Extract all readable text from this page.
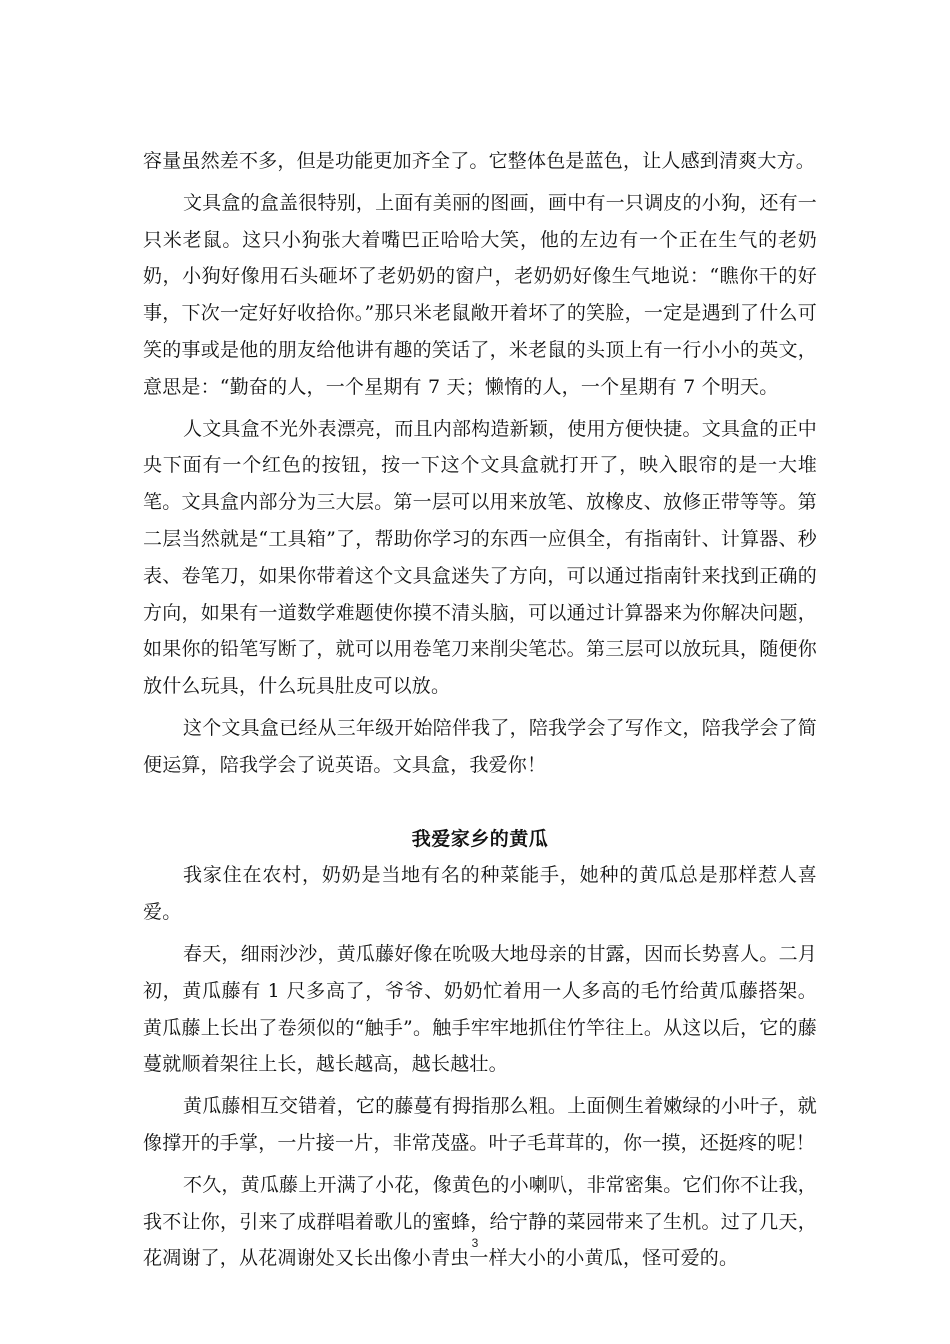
容量虽然差不多，但是功能更加齐全了。它整体色是蓝色，让人感到清爽大方。

文具盒的盒盖很特别，上面有美丽的图画，画中有一只调皮的小狗，还有一只米老鼠。这只小狗张大着嘴巴正哈哈大笑，他的左边有一个正在生气的老奶奶，小狗好像用石头砸坏了老奶奶的窗户，老奶奶好像生气地说：“瞧你干的好事，下次一定好好收拾你。”那只米老鼠敞开着坏了的笑脸，一定是遇到了什么可笑的事或是他的朋友给他讲有趣的笑话了，米老鼠的头顶上有一行小小的英文，意思是：“勤奋的人，一个星期有 7 天；懒惰的人，一个星期有 7 个明天。

人文具盒不光外表漂亮，而且内部构造新颖，使用方便快捷。文具盒的正中央下面有一个红色的按钮，按一下这个文具盒就打开了，映入眼帘的是一大堆笔。文具盒内部分为三大层。第一层可以用来放笔、放橡皮、放修正带等等。第二层当然就是“工具箱”了，帮助你学习的东西一应俱全，有指南针、计算器、秒表、卷笔刀，如果你带着这个文具盒迷失了方向，可以通过指南针来找到正确的方向，如果有一道数学难题使你摸不清头脑，可以通过计算器来为你解决问题，如果你的铅笔写断了，就可以用卷笔刀来削尖笔芯。第三层可以放玩具，随便你放什么玩具，什么玩具肚皮可以放。

这个文具盒已经从三年级开始陪伴我了，陪我学会了写作文，陪我学会了简便运算，陪我学会了说英语。文具盒，我爱你！

我爱家乡的黄瓜

我家住在农村，奶奶是当地有名的种菜能手，她种的黄瓜总是那样惹人喜爱。

春天，细雨沙沙，黄瓜藤好像在吮吸大地母亲的甘露，因而长势喜人。二月初，黄瓜藤有 1 尺多高了，爷爷、奶奶忙着用一人多高的毛竹给黄瓜藤搭架。黄瓜藤上长出了卷须似的“触手”。触手牢牢地抓住竹竿往上。从这以后，它的藤蔓就顺着架往上长，越长越高，越长越壮。

黄瓜藤相互交错着，它的藤蔓有拇指那么粗。上面侧生着嫩绿的小叶子，就像撑开的手掌，一片接一片，非常茂盛。叶子毛茸茸的，你一摸，还挺疼的呢！

不久，黄瓜藤上开满了小花，像黄色的小喇叭，非常密集。它们你不让我，我不让你，引来了成群唱着歌儿的蜜蜂，给宁静的菜园带来了生机。过了几天，花凋谢了，从花凋谢处又长出像小青虫一样大小的小黄瓜，怪可爱的。

3
